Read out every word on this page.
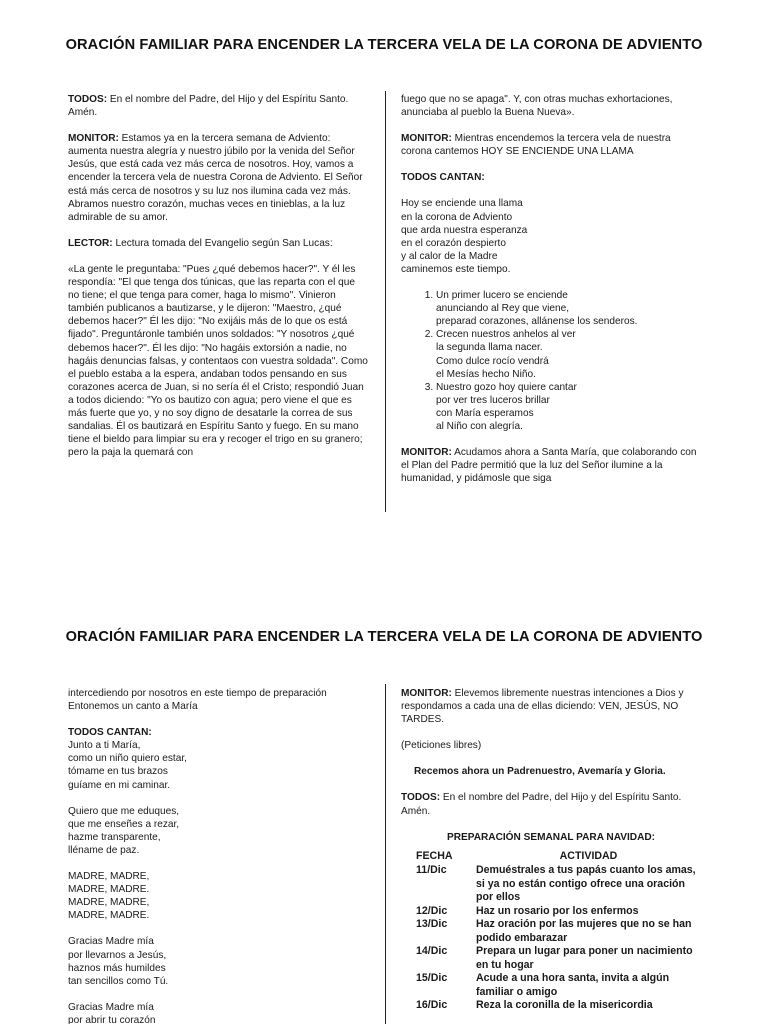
ORACIÓN FAMILIAR PARA ENCENDER LA TERCERA VELA DE LA CORONA DE ADVIENTO

TODOS: En el nombre del Padre, del Hijo y del Espíritu Santo. Amén.

MONITOR: Estamos ya en la tercera semana de Adviento: aumenta nuestra alegría y nuestro júbilo por la venida del Señor Jesús, que está cada vez más cerca de nosotros. Hoy, vamos a encender la tercera vela de nuestra Corona de Adviento. El Señor está más cerca de nosotros y su luz nos ilumina cada vez más. Abramos nuestro corazón, muchas veces en tinieblas, a la luz admirable de su amor.

LECTOR: Lectura tomada del Evangelio según San Lucas:

«La gente le preguntaba: "Pues ¿qué debemos hacer?". Y él les respondía: "El que tenga dos túnicas, que las reparta con el que no tiene; el que tenga para comer, haga lo mismo". Vinieron también publicanos a bautizarse, y le dijeron: "Maestro, ¿qué debemos hacer?" Él les dijo: "No exijáis más de lo que os está fijado". Preguntáronle también unos soldados: "Y nosotros ¿qué debemos hacer?". Él les dijo: "No hagáis extorsión a nadie, no hagáis denuncias falsas, y contentaos con vuestra soldada". Como el pueblo estaba a la espera, andaban todos pensando en sus corazones acerca de Juan, si no sería él el Cristo; respondió Juan a todos diciendo: "Yo os bautizo con agua; pero viene el que es más fuerte que yo, y no soy digno de desatarle la correa de sus sandalias. Él os bautizará en Espíritu Santo y fuego. En su mano tiene el bieldo para limpiar su era y recoger el trigo en su granero; pero la paja la quemará con

fuego que no se apaga". Y, con otras muchas exhortaciones, anunciaba al pueblo la Buena Nueva».

MONITOR: Mientras encendemos la tercera vela de nuestra corona cantemos HOY SE ENCIENDE UNA LLAMA

TODOS CANTAN:

Hoy se enciende una llama
en la corona de Adviento
que arda nuestra esperanza
en el corazón despierto
y al calor de la Madre
caminemos este tiempo.
1. Un primer lucero se enciende
anunciando al Rey que viene,
preparad corazones, allánense los senderos.
2. Crecen nuestros anhelos al ver
la segunda llama nacer.
Como dulce rocío vendrá
el Mesías hecho Niño.
3. Nuestro gozo hoy quiere cantar
por ver tres luceros brillar
con María esperamos
al Niño con alegría.

MONITOR: Acudamos ahora a Santa María, que colaborando con el Plan del Padre permitió que la luz del Señor ilumine a la humanidad, y pidámosle que siga

ORACIÓN FAMILIAR PARA ENCENDER LA TERCERA VELA DE LA CORONA DE ADVIENTO

intercediendo por nosotros en este tiempo de preparación Entonemos un canto a María

TODOS CANTAN:
Junto a ti María,
como un niño quiero estar,
tómame en tus brazos
guíame en mi caminar.
Quiero que me eduques,
que me enseñes a rezar,
hazme transparente,
lléname de paz.
MADRE, MADRE,
MADRE, MADRE.
MADRE, MADRE,
MADRE, MADRE.
Gracias Madre mía
por llevarnos a Jesús,
haznos más humildes
tan sencillos como Tú.
Gracias Madre mía
por abrir tu corazón

MONITOR: Elevemos libremente nuestras intenciones a Dios y respondamos a cada una de ellas diciendo: VEN, JESÚS, NO TARDES.

(Peticiones libres)

Recemos ahora un Padrenuestro, Avemaría y Gloria.

TODOS: En el nombre del Padre, del Hijo y del Espíritu Santo. Amén.

PREPARACIÓN SEMANAL PARA NAVIDAD:
FECHA	ACTIVIDAD
11/Dic	Demuéstrales a tus papás cuanto los amas, si ya no están contigo ofrece una oración por ellos
12/Dic	Haz un rosario por los enfermos
13/Dic	Haz oración por las mujeres que no se han podido embarazar
14/Dic	Prepara un lugar para poner un nacimiento en tu hogar
15/Dic	Acude a una hora santa, invita a algún familiar o amigo
16/Dic	Reza la coronilla de la misericordia
